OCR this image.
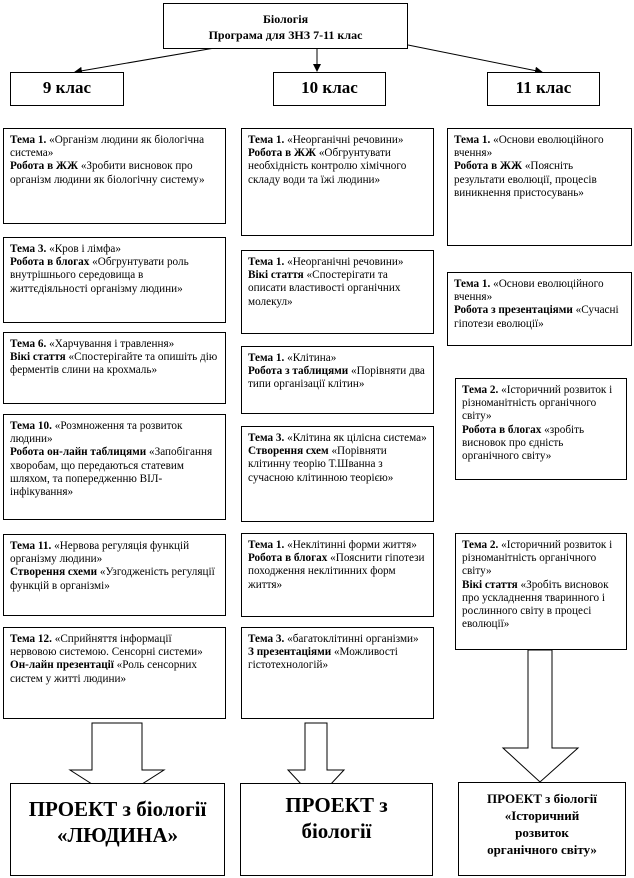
Біологія
Програма для ЗНЗ 7-11 клас
9 клас	10 клас	11 клас
Тема 1. «Організм людини як біологічна система»
Робота в ЖЖ «Зробити висновок про організм людини як біологічну систему»
Тема 3. «Кров і лімфа»
Робота в блогах «Обгрунтувати роль внутрішнього середовища в життєдіяльності організму людини»
Тема 6. «Харчування і травлення»
Вікі стаття «Спостерігайте та опишіть дію ферментів слини на крохмаль»
Тема 10. «Розмноження та розвиток людини»
Робота он-лайн таблицями «Запобігання хворобам, що передаються статевим шляхом, та попередженню ВІЛ-інфікування»
Тема 11. «Нервова регуляція функцій організму людини»
Створення схеми «Узгодженість регуляції функцій в організмі»
Тема 12. «Сприйняття інформації нервовою системою. Сенсорні системи»
Он-лайн презентації «Роль сенсорних систем у житті людини»
Тема 1. «Неорганічні речовини»
Робота в ЖЖ «Обгрунтувати необхідність контролю хімічного складу води та їжі людини»
Тема 1. «Неорганічні речовини»
Вікі стаття «Спостерігати та описати властивості органічних молекул»
Тема 1. «Клітина»
Робота з таблицями «Порівняти два типи організації клітин»
Тема 3. «Клітина як цілісна система»
Створення схем «Порівняти клітинну теорію Т.Шванна з сучасною клітинною теорією»
Тема 1. «Неклітинні форми життя»
Робота в блогах «Пояснити гіпотези походження неклітинних форм життя»
Тема 3. «багатоклітинні організми»
З презентаціями «Можливості гістотехнологій»
Тема 1. «Основи еволюційного вчення»
Робота в ЖЖ «Поясніть результати еволюції, процесів виникнення пристосувань»
Тема 1. «Основи еволюційного вчення»
Робота з презентаціями «Сучасні гіпотези еволюції»
Тема 2. «Історичний розвиток і різноманітність органічного світу»
Робота в блогах «зробіть висновок про єдність органічного світу»
Тема 2. «Історичний розвиток і різноманітність органічного світу»
Вікі стаття «Зробіть висновок про ускладнення тваринного і рослинного світу в процесі еволюції»
ПРОЕКТ з біології
«ЛЮДИНА»
ПРОЕКТ з
біології
ПРОЕКТ з біології
«Історичний розвиток органічного світу»
